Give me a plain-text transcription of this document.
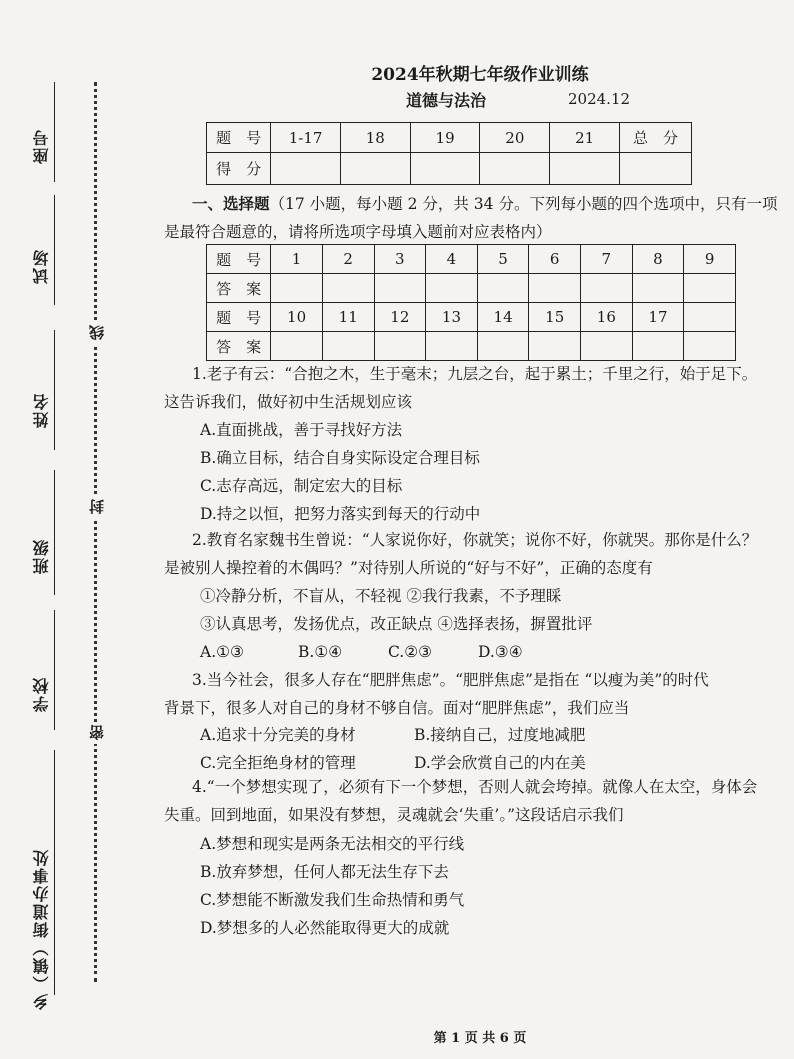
座号
试场
姓名
班级
学校
乡（镇）街道办事处
线
封
密
2024年秋期七年级作业训练
道德与法治	2024.12
题　号	1-17	18	19	20	21	总　分
得　分						
一、选择题（17 小题，每小题 2 分，共 34 分。下列每小题的四个选项中，只有一项
是最符合题意的，请将所选项字母填入题前对应表格内）
题　号	1	2	3	4	5	6	7	8	9
答　案									
题　号	10	11	12	13	14	15	16	17	
答　案									
1.老子有云：“合抱之木，生于毫末；九层之台，起于累土；千里之行，始于足下。
这告诉我们，做好初中生活规划应该
A.直面挑战，善于寻找好方法
B.确立目标，结合自身实际设定合理目标
C.志存高远，制定宏大的目标
D.持之以恒，把努力落实到每天的行动中
2.教育名家魏书生曾说：“人家说你好，你就笑；说你不好，你就哭。那你是什么？
是被别人操控着的木偶吗？”对待别人所说的“好与不好”，正确的态度有
①冷静分析，不盲从，不轻视 ②我行我素，不予理睬
③认真思考，发扬优点，改正缺点 ④选择表扬，摒置批评
A.①③	B.①④	C.②③	D.③④
3.当今社会，很多人存在“肥胖焦虑”。“肥胖焦虑”是指在 “以瘦为美”的时代
背景下，很多人对自己的身材不够自信。面对“肥胖焦虑”，我们应当
A.追求十分完美的身材	B.接纳自己，过度地减肥
C.完全拒绝身材的管理	D.学会欣赏自己的内在美
4.“一个梦想实现了，必须有下一个梦想，否则人就会垮掉。就像人在太空，身体会
失重。回到地面，如果没有梦想，灵魂就会‘失重’。”这段话启示我们
A.梦想和现实是两条无法相交的平行线
B.放弃梦想，任何人都无法生存下去
C.梦想能不断激发我们生命热情和勇气
D.梦想多的人必然能取得更大的成就
第 1 页 共 6 页
